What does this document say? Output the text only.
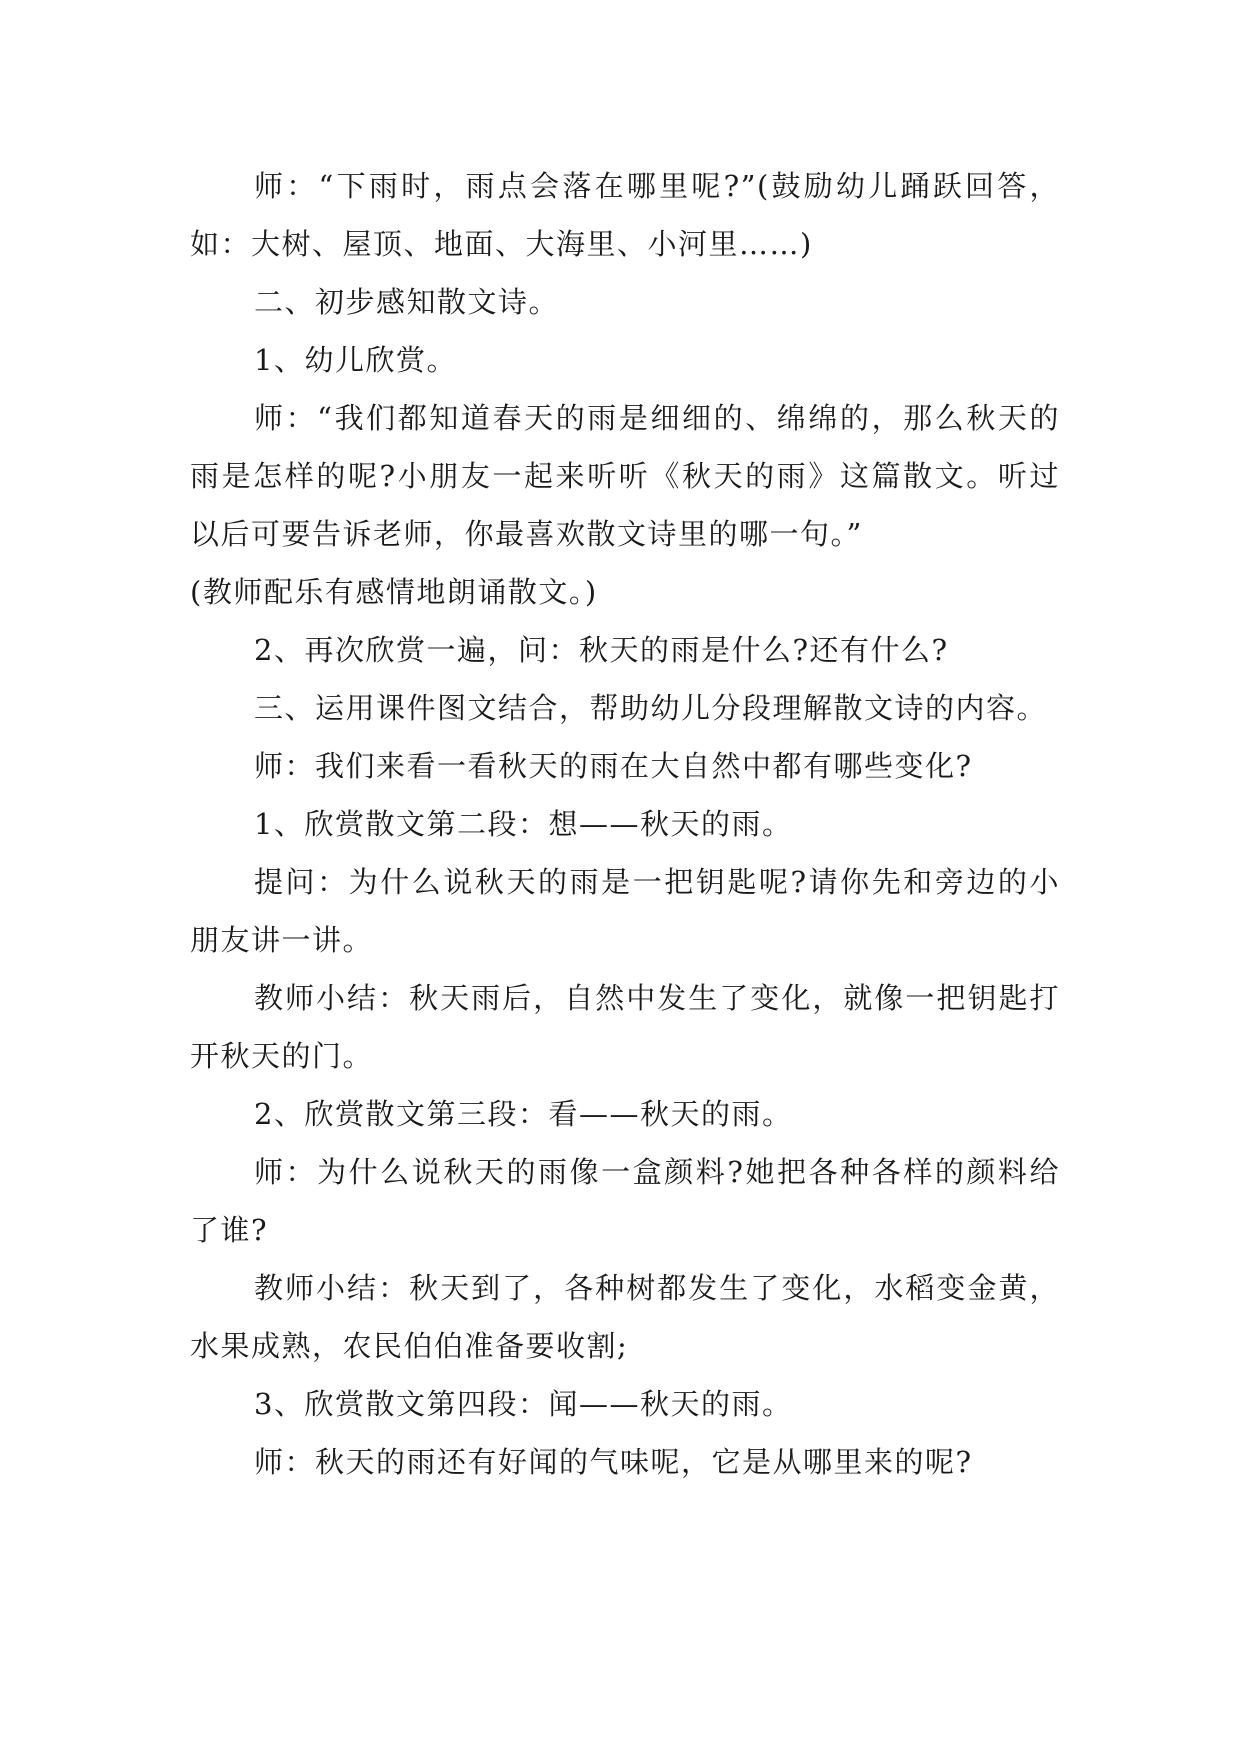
师：“下雨时，雨点会落在哪里呢?”(鼓励幼儿踊跃回答，如：大树、屋顶、地面、大海里、小河里……)

二、初步感知散文诗。

1、幼儿欣赏。

师：“我们都知道春天的雨是细细的、绵绵的，那么秋天的雨是怎样的呢?小朋友一起来听听《秋天的雨》这篇散文。听过以后可要告诉老师，你最喜欢散文诗里的哪一句。”

(教师配乐有感情地朗诵散文。)

2、再次欣赏一遍，问：秋天的雨是什么?还有什么?

三、运用课件图文结合，帮助幼儿分段理解散文诗的内容。

师：我们来看一看秋天的雨在大自然中都有哪些变化?

1、欣赏散文第二段：想——秋天的雨。

提问：为什么说秋天的雨是一把钥匙呢?请你先和旁边的小朋友讲一讲。

教师小结：秋天雨后，自然中发生了变化，就像一把钥匙打开秋天的门。

2、欣赏散文第三段：看——秋天的雨。

师：为什么说秋天的雨像一盒颜料?她把各种各样的颜料给了谁?

教师小结：秋天到了，各种树都发生了变化，水稻变金黄，水果成熟，农民伯伯准备要收割;

3、欣赏散文第四段：闻——秋天的雨。

师：秋天的雨还有好闻的气味呢，它是从哪里来的呢?
